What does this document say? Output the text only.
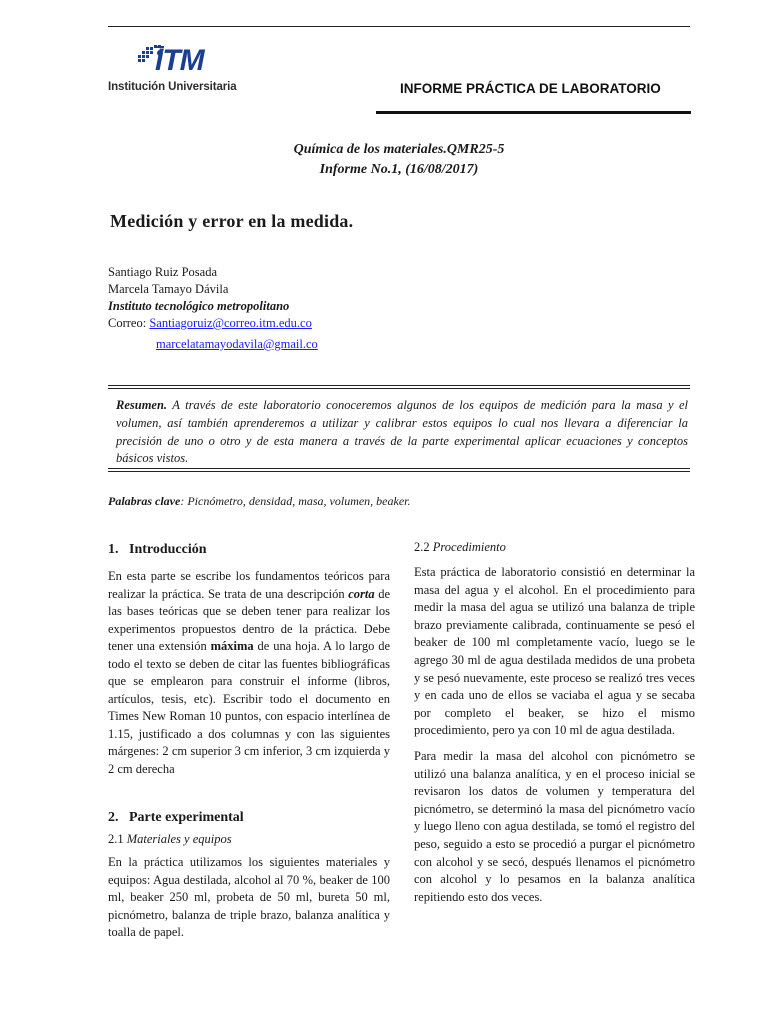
iTM
Institución Universitaria	INFORME PRÁCTICA DE LABORATORIO
Química de los materiales.QMR25-5
Informe No.1, (16/08/2017)
Medición y error en la medida.
Santiago Ruiz Posada
Marcela Tamayo Dávila
Instituto tecnológico metropolitano
Correo: Santiagoruiz@correo.itm.edu.co
marcelatamayodavila@gmail.co
Resumen. A través de este laboratorio conoceremos algunos de los equipos de medición para la masa y el volumen, así también aprenderemos a utilizar y calibrar estos equipos lo cual nos llevara a diferenciar la precisión de uno o otro y de esta manera a través de la parte experimental aplicar ecuaciones y conceptos básicos vistos.
Palabras clave: Picnómetro, densidad, masa, volumen, beaker.
1.   Introducción

En esta parte se escribe los fundamentos teóricos para realizar la práctica. Se trata de una descripción corta de las bases teóricas que se deben tener para realizar los experimentos propuestos dentro de la práctica. Debe tener una extensión máxima de una hoja. A lo largo de todo el texto se deben de citar las fuentes bibliográficas que se emplearon para construir el informe (libros, artículos, tesis, etc). Escribir todo el documento en Times New Roman 10 puntos, con espacio interlínea de 1.15, justificado a dos columnas y con las siguientes márgenes: 2 cm superior 3 cm inferior, 3 cm izquierda y 2 cm derecha

2.   Parte experimental
2.1 Materiales y equipos

En la práctica utilizamos los siguientes materiales y equipos: Agua destilada, alcohol al 70 %, beaker de 100 ml, beaker 250 ml, probeta de 50 ml, bureta 50 ml, picnómetro, balanza de triple brazo, balanza analítica y toalla de papel.

2.2 Procedimiento

Esta práctica de laboratorio consistió en determinar la masa del agua y el alcohol. En el procedimiento para medir la masa del agua se utilizó una balanza de triple brazo previamente calibrada, continuamente se pesó el beaker de 100 ml completamente vacío, luego se le agrego 30 ml de agua destilada medidos de una probeta y se pesó nuevamente, este proceso se realizó tres veces y en cada uno de ellos se vaciaba el agua y se secaba por completo el beaker, se hizo el mismo procedimiento, pero ya con 10 ml de agua destilada.

Para medir la masa del alcohol con picnómetro se utilizó una balanza analítica, y en el proceso inicial se revisaron los datos de volumen y temperatura del picnómetro, se determinó la masa del picnómetro vacío y luego lleno con agua destilada, se tomó el registro del peso, seguido a esto se procedió a purgar el picnómetro con alcohol y se secó, después llenamos el picnómetro con alcohol y lo pesamos en la balanza analítica repitiendo esto dos veces.
